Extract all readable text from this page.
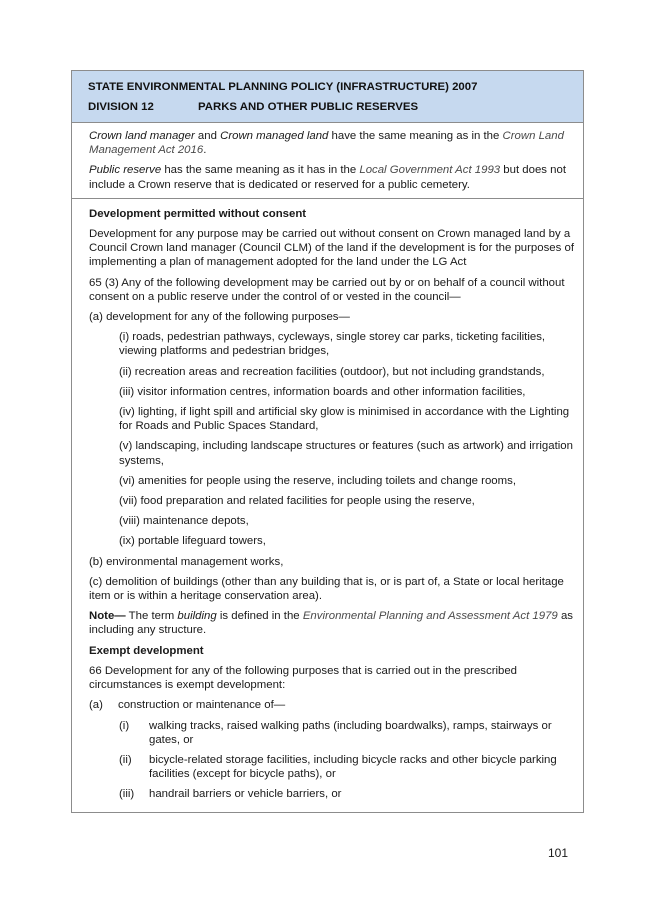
STATE ENVIRONMENTAL PLANNING POLICY (INFRASTRUCTURE) 2007
DIVISION 12	PARKS AND OTHER PUBLIC RESERVES

Crown land manager and Crown managed land have the same meaning as in the Crown Land Management Act 2016.

Public reserve has the same meaning as it has in the Local Government Act 1993 but does not include a Crown reserve that is dedicated or reserved for a public cemetery.

Development permitted without consent

Development for any purpose may be carried out without consent on Crown managed land by a Council Crown land manager (Council CLM) of the land if the development is for the purposes of implementing a plan of management adopted for the land under the LG Act

65 (3) Any of the following development may be carried out by or on behalf of a council without consent on a public reserve under the control of or vested in the council—

(a) development for any of the following purposes—

(i) roads, pedestrian pathways, cycleways, single storey car parks, ticketing facilities, viewing platforms and pedestrian bridges,

(ii) recreation areas and recreation facilities (outdoor), but not including grandstands,

(iii) visitor information centres, information boards and other information facilities,

(iv) lighting, if light spill and artificial sky glow is minimised in accordance with the Lighting for Roads and Public Spaces Standard,

(v) landscaping, including landscape structures or features (such as artwork) and irrigation systems,

(vi) amenities for people using the reserve, including toilets and change rooms,

(vii) food preparation and related facilities for people using the reserve,

(viii) maintenance depots,

(ix) portable lifeguard towers,

(b) environmental management works,

(c) demolition of buildings (other than any building that is, or is part of, a State or local heritage item or is within a heritage conservation area).

Note— The term building is defined in the Environmental Planning and Assessment Act 1979 as including any structure.

Exempt development

66 Development for any of the following purposes that is carried out in the prescribed circumstances is exempt development:

(a)	construction or maintenance of—
(i)	walking tracks, raised walking paths (including boardwalks), ramps, stairways or gates, or
(ii)	bicycle-related storage facilities, including bicycle racks and other bicycle parking facilities (except for bicycle paths), or
(iii)	handrail barriers or vehicle barriers, or
101
